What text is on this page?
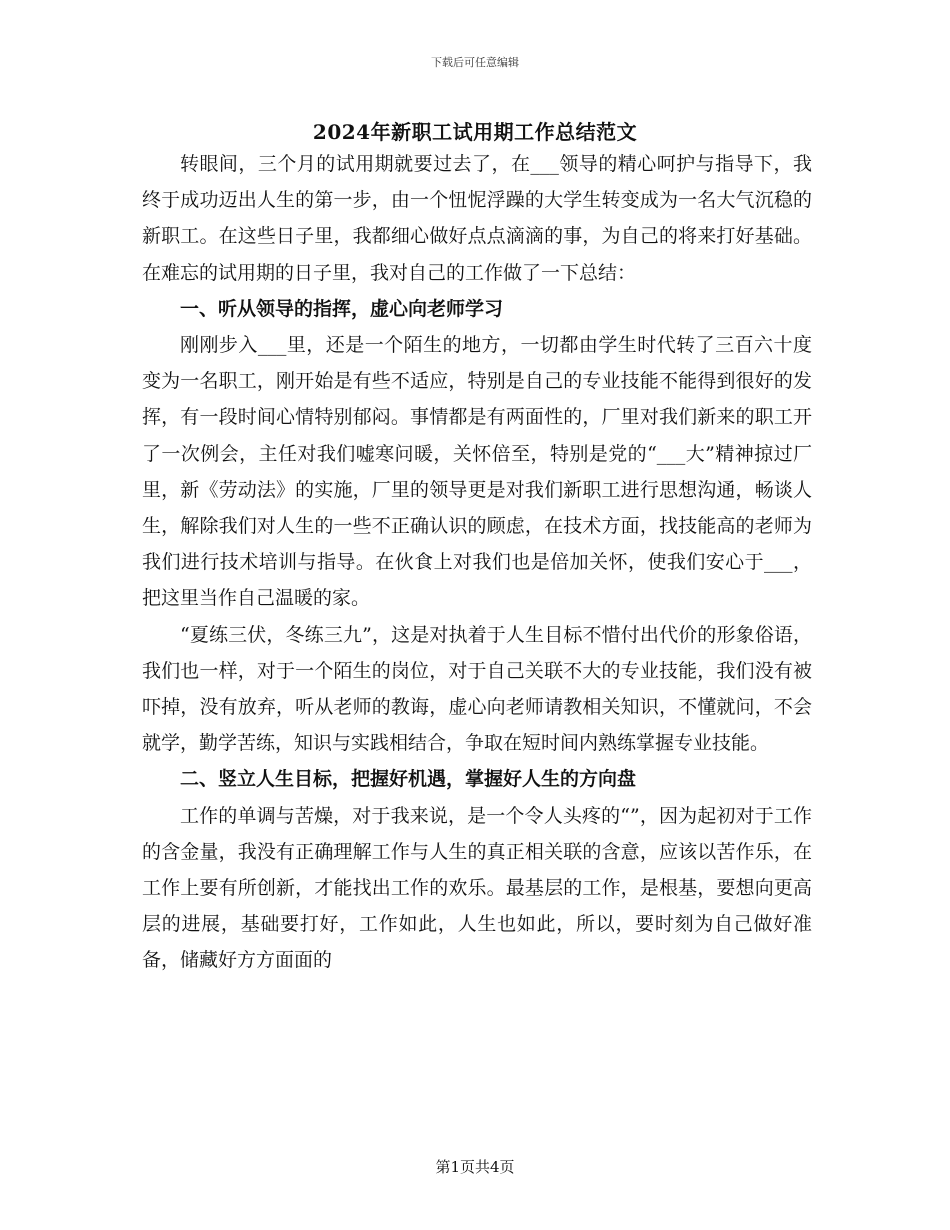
下载后可任意编辑
2024年新职工试用期工作总结范文

转眼间，三个月的试用期就要过去了，在___领导的精心呵护与指导下，我终于成功迈出人生的第一步，由一个忸怩浮躁的大学生转变成为一名大气沉稳的新职工。在这些日子里，我都细心做好点点滴滴的事，为自己的将来打好基础。在难忘的试用期的日子里，我对自己的工作做了一下总结：

一、听从领导的指挥，虚心向老师学习

刚刚步入___里，还是一个陌生的地方，一切都由学生时代转了三百六十度变为一名职工，刚开始是有些不适应，特别是自己的专业技能不能得到很好的发挥，有一段时间心情特别郁闷。事情都是有两面性的，厂里对我们新来的职工开了一次例会，主任对我们嘘寒问暖，关怀倍至，特别是党的“___大”精神掠过厂里，新《劳动法》的实施，厂里的领导更是对我们新职工进行思想沟通，畅谈人生，解除我们对人生的一些不正确认识的顾虑，在技术方面，找技能高的老师为我们进行技术培训与指导。在伙食上对我们也是倍加关怀，使我们安心于___，把这里当作自己温暖的家。

“夏练三伏，冬练三九”，这是对执着于人生目标不惜付出代价的形象俗语，我们也一样，对于一个陌生的岗位，对于自己关联不大的专业技能，我们没有被吓掉，没有放弃，听从老师的教诲，虚心向老师请教相关知识，不懂就问，不会就学，勤学苦练，知识与实践相结合，争取在短时间内熟练掌握专业技能。

二、竖立人生目标，把握好机遇，掌握好人生的方向盘

工作的单调与苦燥，对于我来说，是一个令人头疼的“”，因为起初对于工作的含金量，我没有正确理解工作与人生的真正相关联的含意，应该以苦作乐，在工作上要有所创新，才能找出工作的欢乐。最基层的工作，是根基，要想向更高层的进展，基础要打好，工作如此，人生也如此，所以，要时刻为自己做好准备，储藏好方方面面的

第1页共4页
